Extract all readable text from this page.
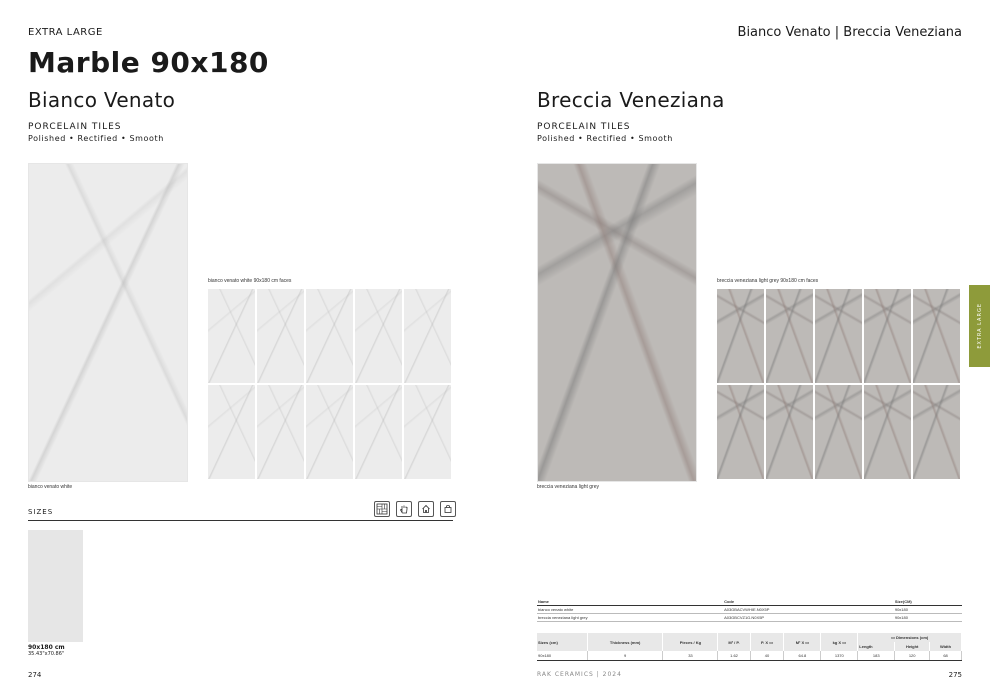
EXTRA LARGE
Marble 90x180
Bianco Venato | Breccia Veneziana
Bianco Venato
PORCELAIN TILES
Polished • Rectified • Smooth
bianco venato white
bianco venato white 90x180 cm faces
SIZES
90x180 cm
35.43"x70.86"
Breccia Veneziana
PORCELAIN TILES
Polished • Rectified • Smooth
breccia veneziana light grey
breccia veneziana light grey 90x180 cm faces
EXTRA LARGE
Name	Code	Size(CM)
bianco venato white	A03GBACVWHIE.N0X5P	90x180
breccia veneziana light grey	A03GBCVZ1G.N0X5P	90x180
Sizes (cm)	Thickness (mm)	Pieces / Kg	M² / P.	P. X ▭	M² X ▭	kg X ▭	▭ Dimensions (cm)		
							Length	Height	Width
90x180	9	33	1.62	40	64.8	1370	183	120	68
274	RAK CERAMICS | 2024	275
